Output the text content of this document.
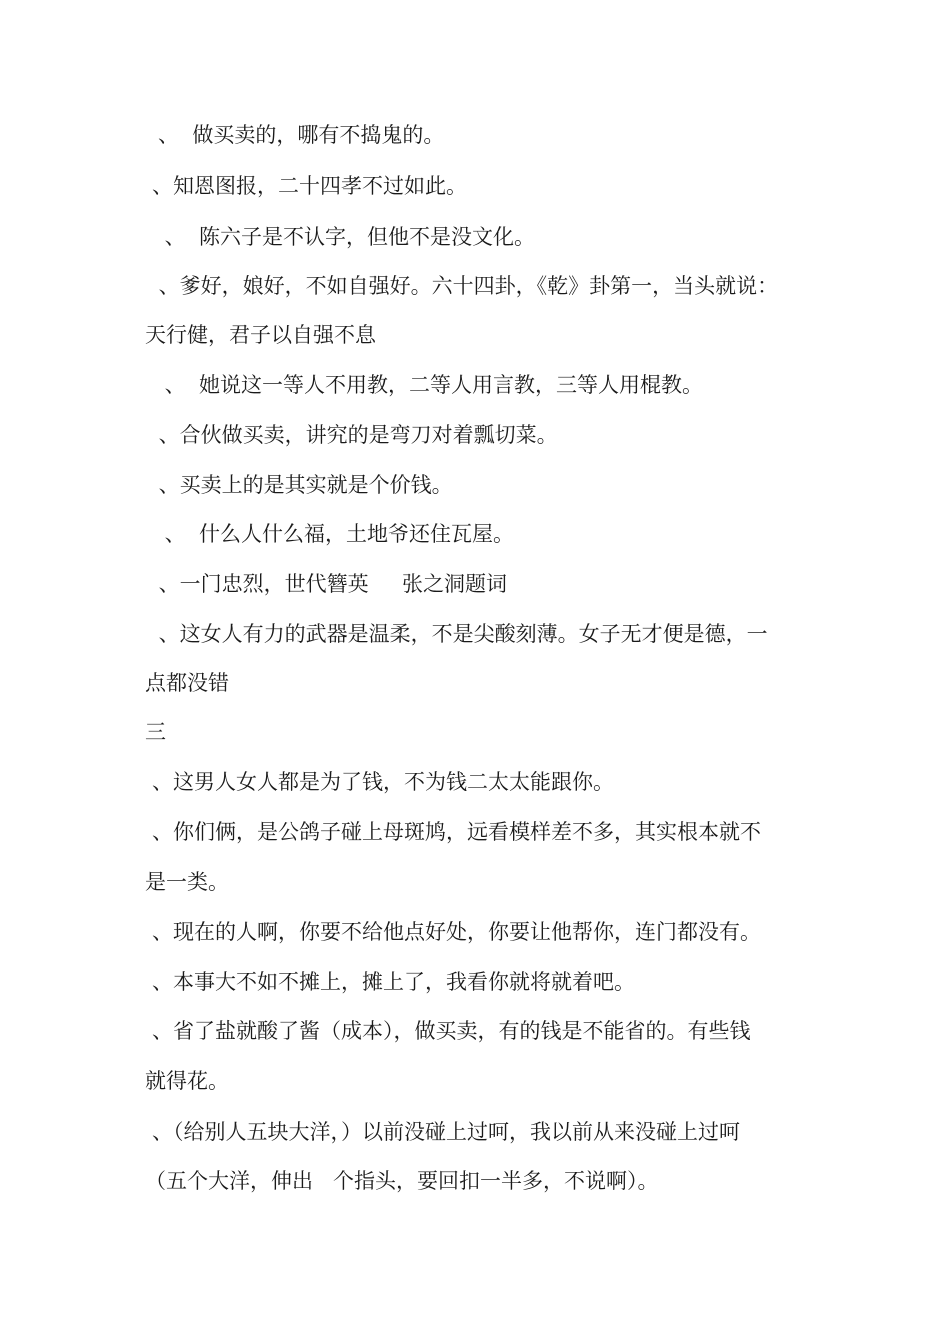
、  做买卖的，哪有不捣鬼的。
、知恩图报，二十四孝不过如此。
、  陈六子是不认字，但他不是没文化。
、爹好，娘好，不如自强好。六十四卦，《乾》卦第一，当头就说：
天行健，君子以自强不息
、  她说这一等人不用教，二等人用言教，三等人用棍教。
、合伙做买卖，讲究的是弯刀对着瓢切菜。
、买卖上的是其实就是个价钱。
、  什么人什么福，土地爷还住瓦屋。
、一门忠烈，世代簪英     张之洞题词
、这女人有力的武器是温柔，不是尖酸刻薄。女子无才便是德，一
点都没错
三
、这男人女人都是为了钱，不为钱二太太能跟你。
、你们俩，是公鸽子碰上母斑鸠，远看模样差不多，其实根本就不
是一类。
、现在的人啊，你要不给他点好处，你要让他帮你，连门都没有。
、本事大不如不摊上，摊上了，我看你就将就着吧。
、省了盐就酸了酱（成本），做买卖，有的钱是不能省的。有些钱
就得花。
、（给别人五块大洋，）以前没碰上过呵，我以前从来没碰上过呵
（五个大洋，伸出   个指头，要回扣一半多，不说啊）。
